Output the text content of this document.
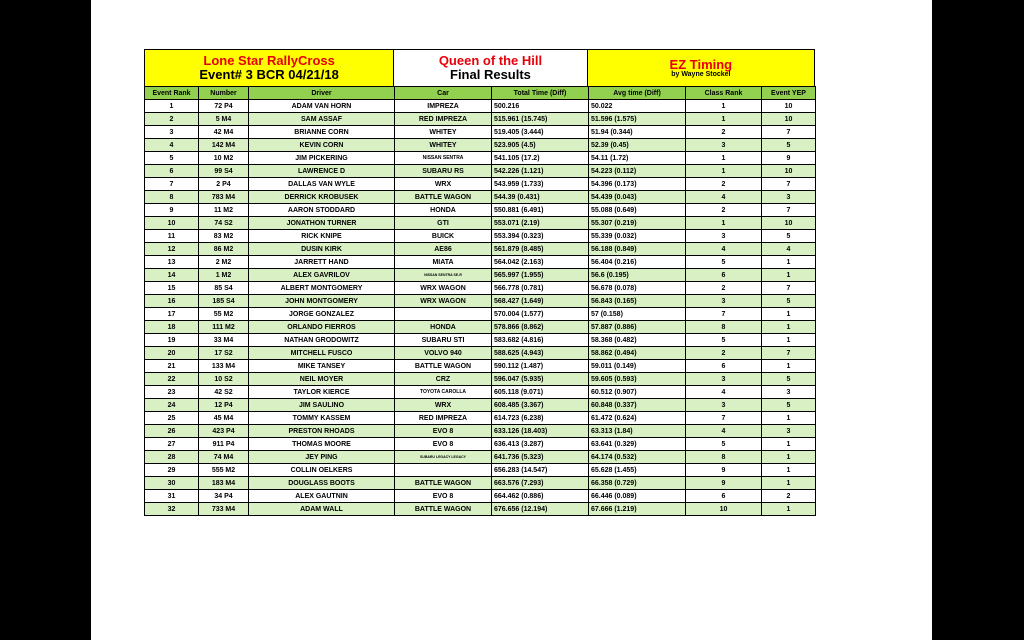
Lone Star RallyCross
Event# 3 BCR 04/21/18
Queen of the Hill
Final Results
EZ Timing
by Wayne Stockel
Event Rank	Number	Driver	Car	Total Time (Diff)	Avg time (Diff)	Class Rank	Event YEP
1	72 P4	ADAM VAN HORN	IMPREZA	500.216	50.022	1	10
2	5 M4	SAM ASSAF	RED IMPREZA	515.961 (15.745)	51.596 (1.575)	1	10
3	42 M4	BRIANNE CORN	WHITEY	519.405 (3.444)	51.94 (0.344)	2	7
4	142 M4	KEVIN CORN	WHITEY	523.905 (4.5)	52.39 (0.45)	3	5
5	10 M2	JIM PICKERING	NISSAN SENTRA	541.105 (17.2)	54.11 (1.72)	1	9
6	99 S4	LAWRENCE D	SUBARU RS	542.226 (1.121)	54.223 (0.112)	1	10
7	2 P4	DALLAS VAN WYLE	WRX	543.959 (1.733)	54.396 (0.173)	2	7
8	783 M4	DERRICK KROBUSEK	BATTLE WAGON	544.39 (0.431)	54.439 (0.043)	4	3
9	11 M2	AARON STODDARD	HONDA	550.881 (6.491)	55.088 (0.649)	2	7
10	74 S2	JONATHON TURNER	GTI	553.071 (2.19)	55.307 (0.219)	1	10
11	83 M2	RICK KNIPE	BUICK	553.394 (0.323)	55.339 (0.032)	3	5
12	86 M2	DUSIN KIRK	AE86	561.879 (8.485)	56.188 (0.849)	4	4
13	2 M2	JARRETT HAND	MIATA	564.042 (2.163)	56.404 (0.216)	5	1
14	1 M2	ALEX GAVRILOV	NISSAN SENTRA SE-R	565.997 (1.955)	56.6 (0.195)	6	1
15	85 S4	ALBERT MONTGOMERY	WRX WAGON	566.778 (0.781)	56.678 (0.078)	2	7
16	185 S4	JOHN MONTGOMERY	WRX WAGON	568.427 (1.649)	56.843 (0.165)	3	5
17	55 M2	JORGE GONZALEZ		570.004 (1.577)	57 (0.158)	7	1
18	111 M2	ORLANDO FIERROS	HONDA	578.866 (8.862)	57.887 (0.886)	8	1
19	33 M4	NATHAN GRODOWITZ	SUBARU STI	583.682 (4.816)	58.368 (0.482)	5	1
20	17 S2	MITCHELL FUSCO	VOLVO 940	588.625 (4.943)	58.862 (0.494)	2	7
21	133 M4	MIKE TANSEY	BATTLE WAGON	590.112 (1.487)	59.011 (0.149)	6	1
22	10 S2	NEIL MOYER	CRZ	596.047 (5.935)	59.605 (0.593)	3	5
23	42 S2	TAYLOR KIERCE	TOYOTA CAROLLA	605.118 (9.071)	60.512 (0.907)	4	3
24	12 P4	JIM SAULINO	WRX	608.485 (3.367)	60.848 (0.337)	3	5
25	45 M4	TOMMY KASSEM	RED IMPREZA	614.723 (6.238)	61.472 (0.624)	7	1
26	423 P4	PRESTON RHOADS	EVO 8	633.126 (18.403)	63.313 (1.84)	4	3
27	911 P4	THOMAS MOORE	EVO 8	636.413 (3.287)	63.641 (0.329)	5	1
28	74 M4	JEY PING	SUBARU LEGACY LEGACY	641.736 (5.323)	64.174 (0.532)	8	1
29	555 M2	COLLIN OELKERS		656.283 (14.547)	65.628 (1.455)	9	1
30	183 M4	DOUGLASS BOOTS	BATTLE WAGON	663.576 (7.293)	66.358 (0.729)	9	1
31	34 P4	ALEX GAUTNIN	EVO 8	664.462 (0.886)	66.446 (0.089)	6	2
32	733 M4	ADAM WALL	BATTLE WAGON	676.656 (12.194)	67.666 (1.219)	10	1
